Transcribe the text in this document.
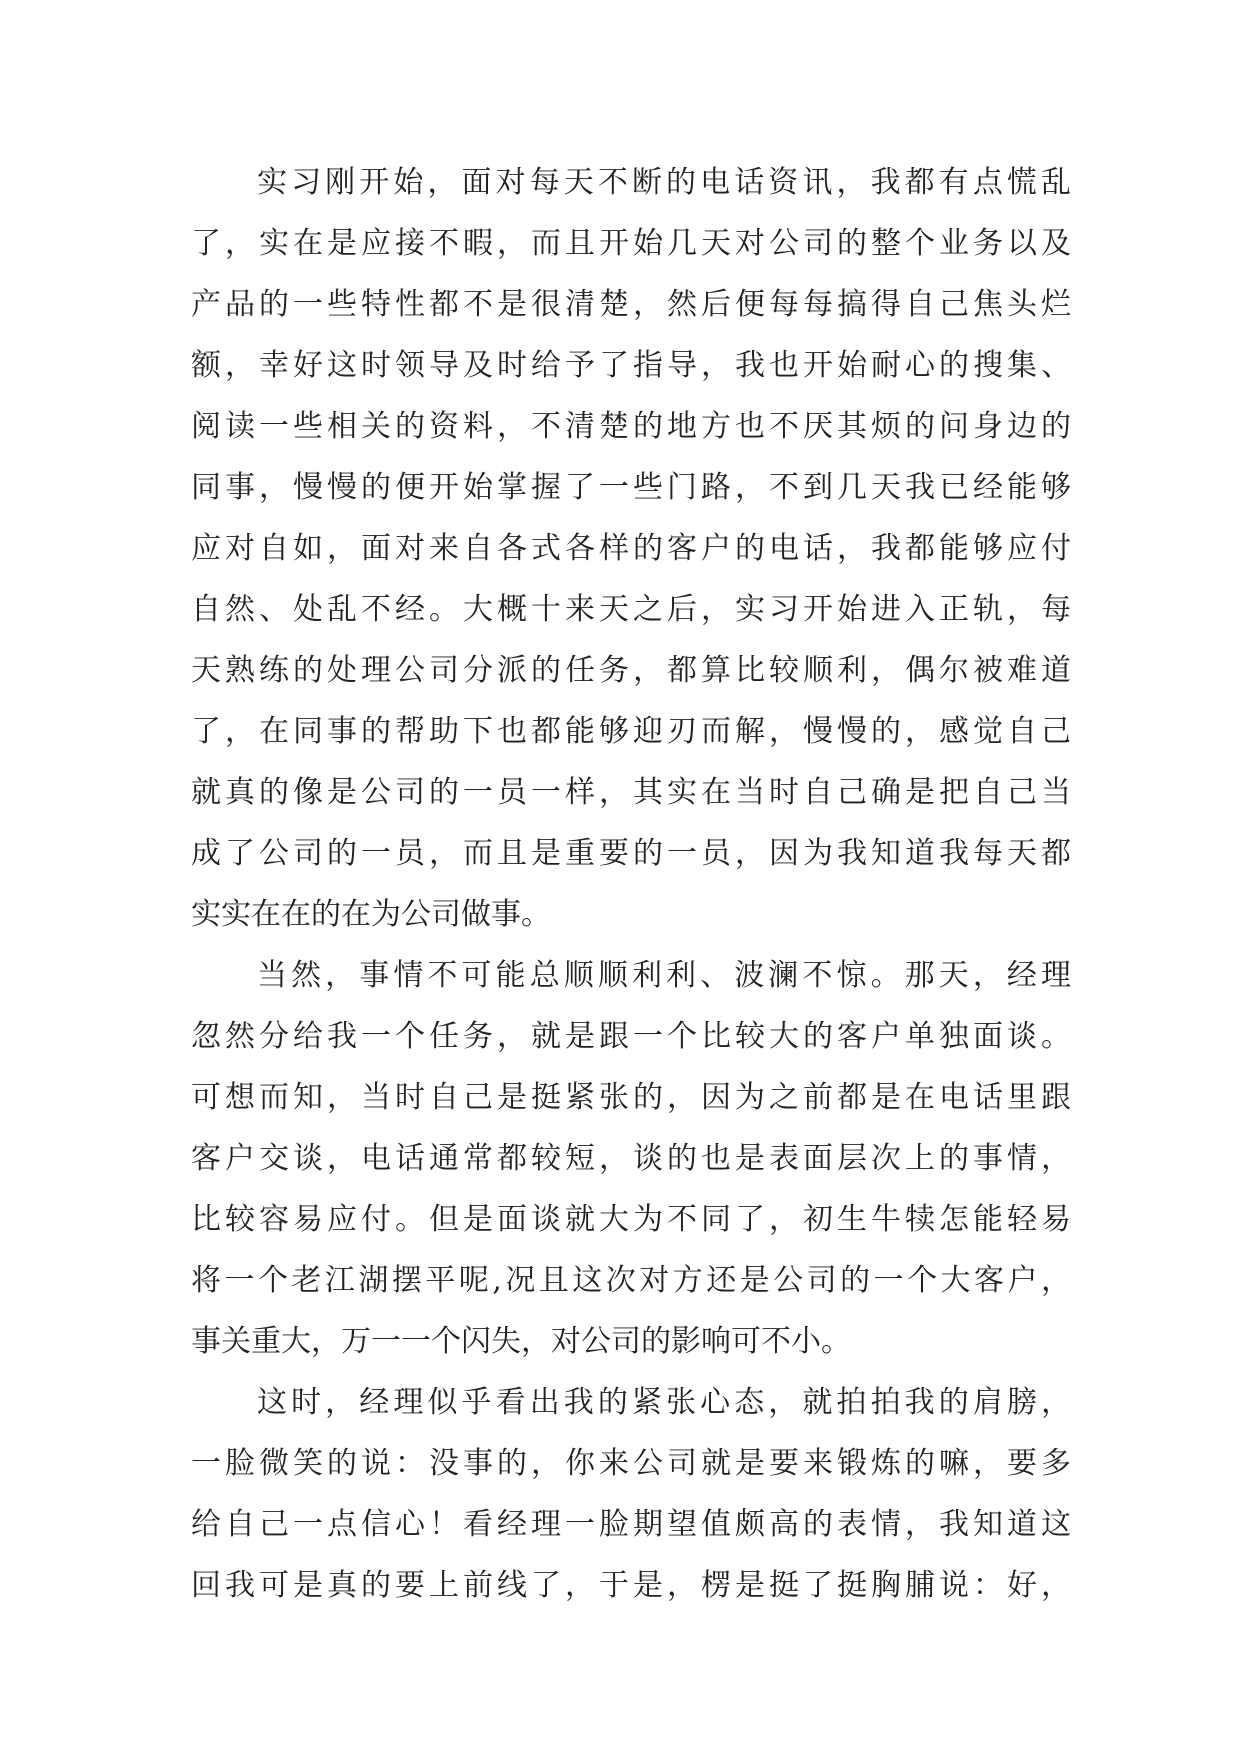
实习刚开始，面对每天不断的电话资讯，我都有点慌乱
了，实在是应接不暇，而且开始几天对公司的整个业务以及
产品的一些特性都不是很清楚，然后便每每搞得自己焦头烂
额，幸好这时领导及时给予了指导，我也开始耐心的搜集、
阅读一些相关的资料，不清楚的地方也不厌其烦的问身边的
同事，慢慢的便开始掌握了一些门路，不到几天我已经能够
应对自如，面对来自各式各样的客户的电话，我都能够应付
自然、处乱不经。大概十来天之后，实习开始进入正轨，每
天熟练的处理公司分派的任务，都算比较顺利，偶尔被难道
了，在同事的帮助下也都能够迎刃而解，慢慢的，感觉自己
就真的像是公司的一员一样，其实在当时自己确是把自己当
成了公司的一员，而且是重要的一员，因为我知道我每天都
实实在在的在为公司做事。
当然，事情不可能总顺顺利利、波澜不惊。那天，经理
忽然分给我一个任务，就是跟一个比较大的客户单独面谈。
可想而知，当时自己是挺紧张的，因为之前都是在电话里跟
客户交谈，电话通常都较短，谈的也是表面层次上的事情，
比较容易应付。但是面谈就大为不同了，初生牛犊怎能轻易
将一个老江湖摆平呢,况且这次对方还是公司的一个大客户，
事关重大，万一一个闪失，对公司的影响可不小。
这时，经理似乎看出我的紧张心态，就拍拍我的肩膀，
一脸微笑的说：没事的，你来公司就是要来锻炼的嘛，要多
给自己一点信心！看经理一脸期望值颇高的表情，我知道这
回我可是真的要上前线了，于是，楞是挺了挺胸脯说：好，
